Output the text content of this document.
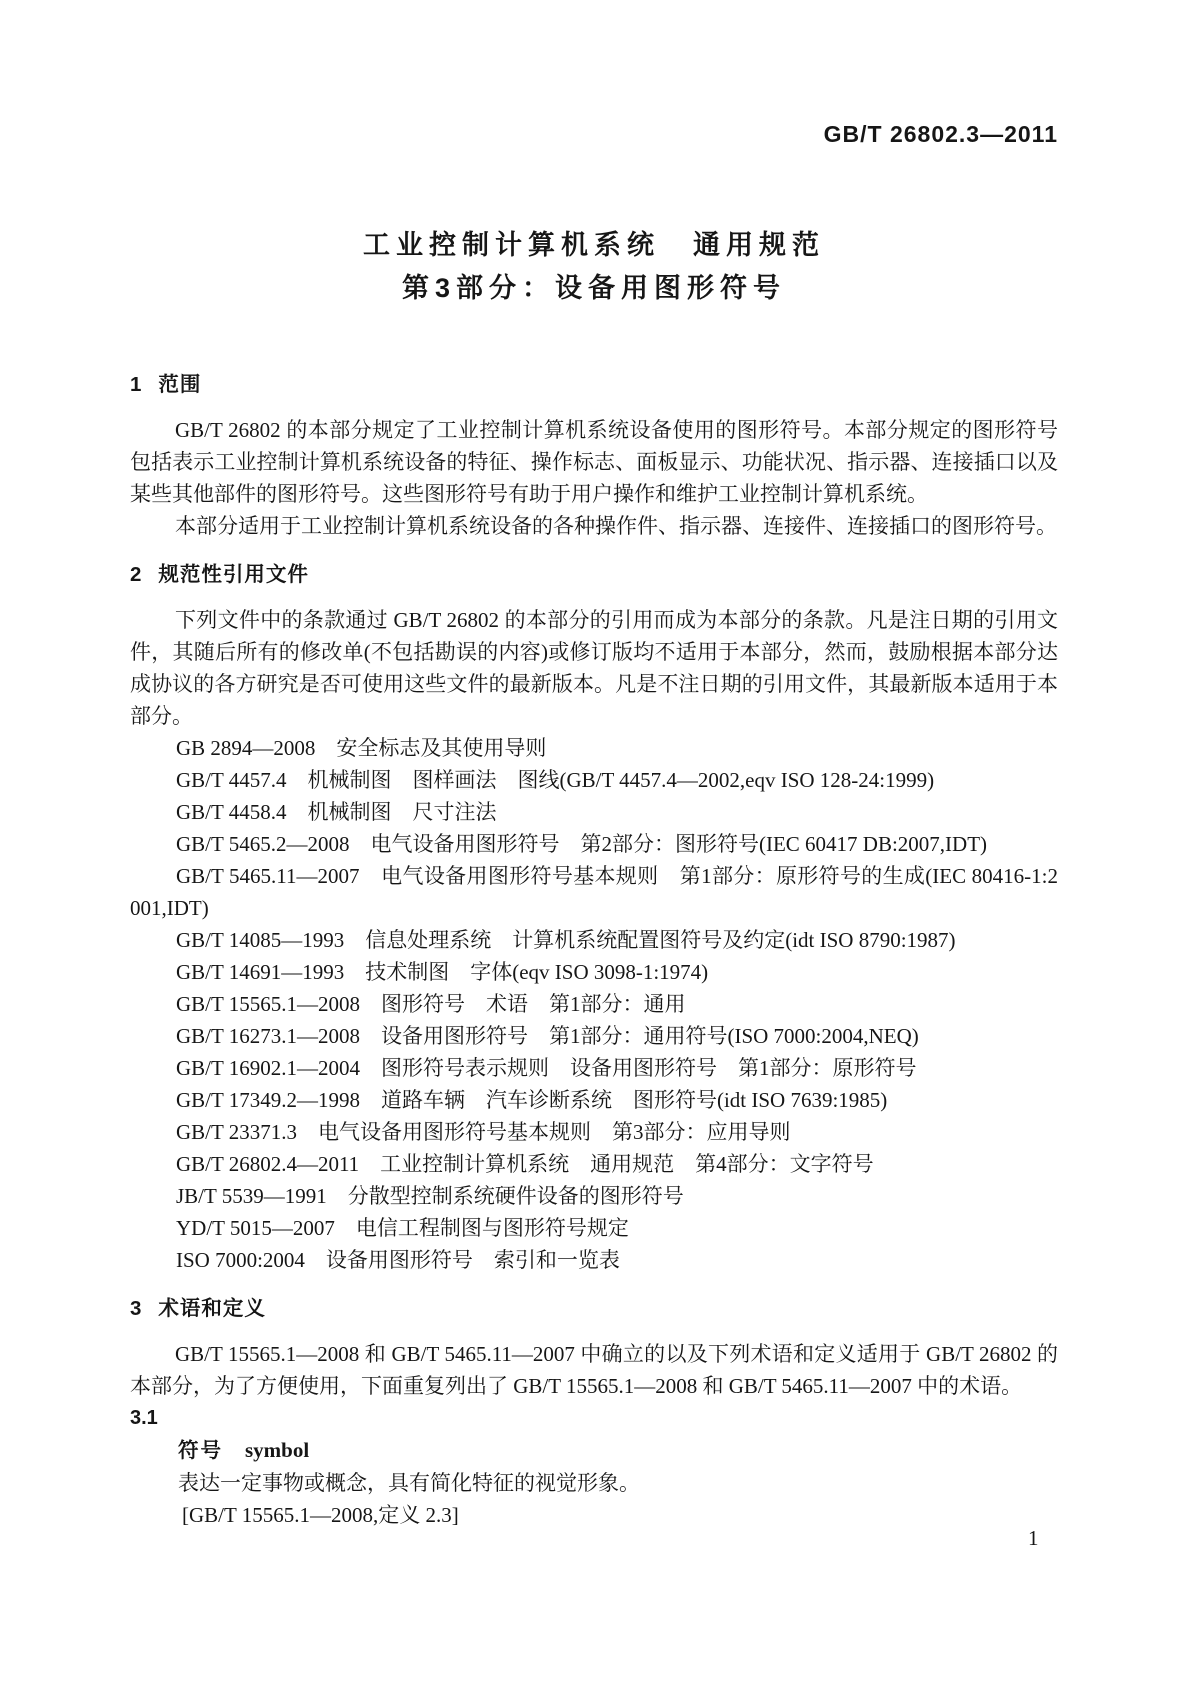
GB/T 26802.3—2011
工业控制计算机系统　通用规范
第3部分：设备用图形符号
1 范围

GB/T 26802 的本部分规定了工业控制计算机系统设备使用的图形符号。本部分规定的图形符号包括表示工业控制计算机系统设备的特征、操作标志、面板显示、功能状况、指示器、连接插口以及某些其他部件的图形符号。这些图形符号有助于用户操作和维护工业控制计算机系统。

本部分适用于工业控制计算机系统设备的各种操作件、指示器、连接件、连接插口的图形符号。

2 规范性引用文件

下列文件中的条款通过 GB/T 26802 的本部分的引用而成为本部分的条款。凡是注日期的引用文件，其随后所有的修改单(不包括勘误的内容)或修订版均不适用于本部分，然而，鼓励根据本部分达成协议的各方研究是否可使用这些文件的最新版本。凡是不注日期的引用文件，其最新版本适用于本部分。

GB 2894—2008　安全标志及其使用导则

GB/T 4457.4　机械制图　图样画法　图线(GB/T 4457.4—2002,eqv ISO 128-24:1999)

GB/T 4458.4　机械制图　尺寸注法

GB/T 5465.2—2008　电气设备用图形符号　第2部分：图形符号(IEC 60417 DB:2007,IDT)

GB/T 5465.11—2007　电气设备用图形符号基本规则　第1部分：原形符号的生成(IEC 80416-1:2001,IDT)

GB/T 14085—1993　信息处理系统　计算机系统配置图符号及约定(idt ISO 8790:1987)

GB/T 14691—1993　技术制图　字体(eqv ISO 3098-1:1974)

GB/T 15565.1—2008　图形符号　术语　第1部分：通用

GB/T 16273.1—2008　设备用图形符号　第1部分：通用符号(ISO 7000:2004,NEQ)

GB/T 16902.1—2004　图形符号表示规则　设备用图形符号　第1部分：原形符号

GB/T 17349.2—1998　道路车辆　汽车诊断系统　图形符号(idt ISO 7639:1985)

GB/T 23371.3　电气设备用图形符号基本规则　第3部分：应用导则

GB/T 26802.4—2011　工业控制计算机系统　通用规范　第4部分：文字符号

JB/T 5539—1991　分散型控制系统硬件设备的图形符号

YD/T 5015—2007　电信工程制图与图形符号规定

ISO 7000:2004　设备用图形符号　索引和一览表

3 术语和定义

GB/T 15565.1—2008 和 GB/T 5465.11—2007 中确立的以及下列术语和定义适用于 GB/T 26802 的本部分，为了方便使用，下面重复列出了 GB/T 15565.1—2008 和 GB/T 5465.11—2007 中的术语。

3.1

符号 symbol

表达一定事物或概念，具有简化特征的视觉形象。

[GB/T 15565.1—2008,定义 2.3]

1
